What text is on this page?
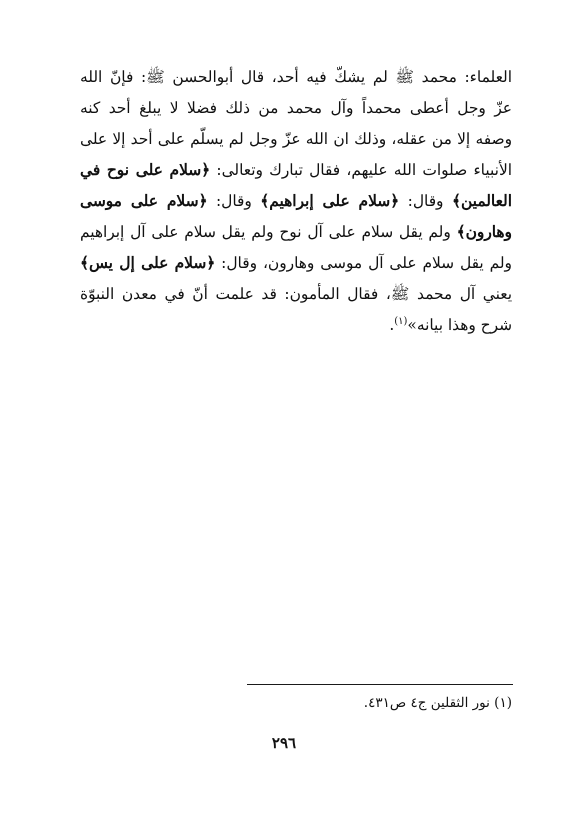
العلماء: محمد ﷺ لم يشكّ فيه أحد، قال أبوالحسن ﷺ: فإنّ الله
عزّ وجل أعطى محمداً وآل محمد من ذلك فضلا لا يبلغ أحد كنه
وصفه إلا من عقله، وذلك ان الله عزّ وجل لم يسلّم على أحد إلا على
الأنبياء صلوات الله عليهم، فقال تبارك وتعالى: ﴿سلام على نوح في
العالمين﴾ وقال: ﴿سلام على إبراهيم﴾ وقال: ﴿سلام على موسى
وهارون﴾ ولم يقل سلام على آل نوح ولم يقل سلام على آل إبراهيم
ولم يقل سلام على آل موسى وهارون، وقال: ﴿سلام على إل يس﴾
يعني آل محمد ﷺ، فقال المأمون: قد علمت أنّ في معدن النبوّة
شرح وهذا بيانه»$^{(١)}$.
(١) نور الثقلين ج٤ ص٤٣١.
٢٩٦
